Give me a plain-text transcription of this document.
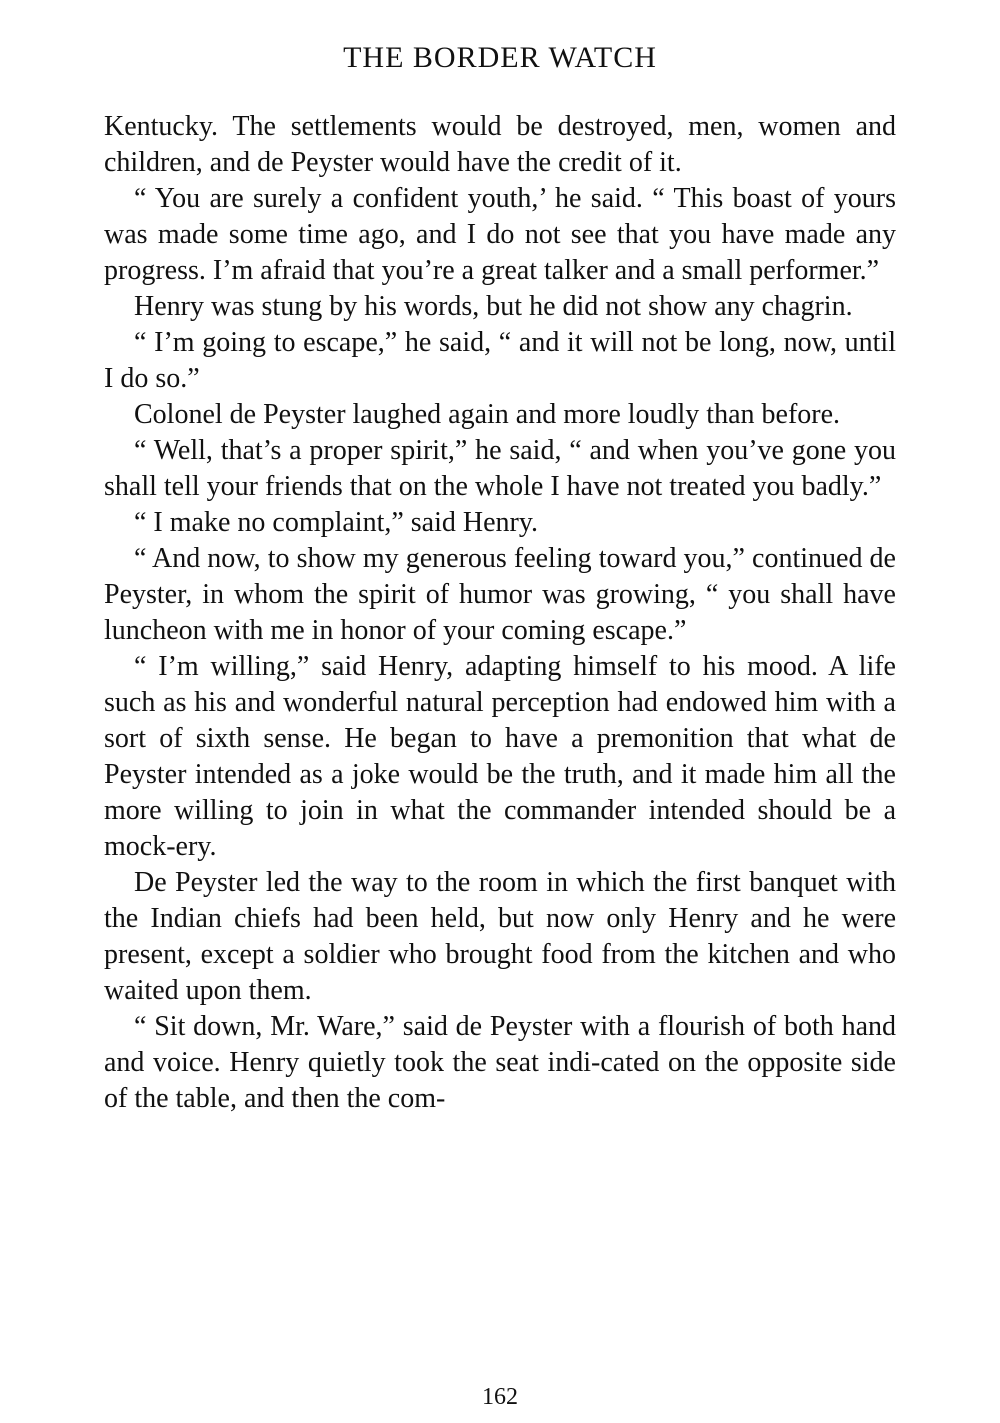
THE BORDER WATCH

Kentucky. The settlements would be destroyed, men, women and children, and de Peyster would have the credit of it.

“ You are surely a confident youth,’ he said. “ This boast of yours was made some time ago, and I do not see that you have made any progress. I’m afraid that you’re a great talker and a small performer.”

Henry was stung by his words, but he did not show any chagrin.

“ I’m going to escape,” he said, “ and it will not be long, now, until I do so.”

Colonel de Peyster laughed again and more loudly than before.

“ Well, that’s a proper spirit,” he said, “ and when you’ve gone you shall tell your friends that on the whole I have not treated you badly.”

“ I make no complaint,” said Henry.

“ And now, to show my generous feeling toward you,” continued de Peyster, in whom the spirit of humor was growing, “ you shall have luncheon with me in honor of your coming escape.”

“ I’m willing,” said Henry, adapting himself to his mood. A life such as his and wonderful natural perception had endowed him with a sort of sixth sense. He began to have a premonition that what de Peyster intended as a joke would be the truth, and it made him all the more willing to join in what the commander intended should be a mock-ery.

De Peyster led the way to the room in which the first banquet with the Indian chiefs had been held, but now only Henry and he were present, except a soldier who brought food from the kitchen and who waited upon them.

“ Sit down, Mr. Ware,” said de Peyster with a flourish of both hand and voice. Henry quietly took the seat indi-cated on the opposite side of the table, and then the com-

162
